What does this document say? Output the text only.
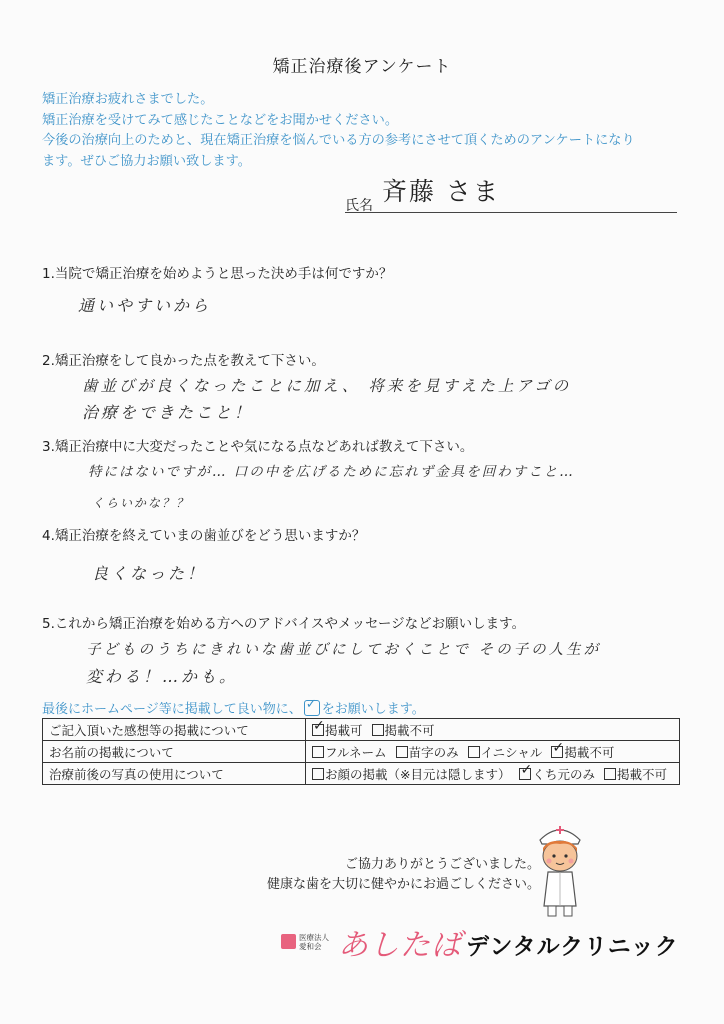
矯正治療後アンケート
矯正治療お疲れさまでした。
矯正治療を受けてみて感じたことなどをお聞かせください。
今後の治療向上のためと、現在矯正治療を悩んでいる方の参考にさせて頂くためのアンケートになり
ます。ぜひご協力お願い致します。
氏名 斉藤 さま
1.当院で矯正治療を始めようと思った決め手は何ですか？
通いやすいから
2.矯正治療をして良かった点を教えて下さい。
歯並びが良くなったことに加え、 将来を見すえた上アゴの
治療をできたこと！
3.矯正治療中に大変だったことや気になる点などあれば教えて下さい。
特にはないですが… 口の中を広げるために忘れず金具を回わすこと…
くらいかな？？
4.矯正治療を終えていまの歯並びをどう思いますか？
良くなった！
5.これから矯正治療を始める方へのアドバイスやメッセージなどお願いします。
子どものうちにきれいな歯並びにしておくことで その子の人生が
変わる！…かも。
最後にホームページ等に掲載して良い物に、 ✓ をお願いします。
ご記入頂いた感想等の掲載について	✓掲載可 掲載不可
お名前の掲載について	フルネーム 苗字のみ イニシャル ✓ 掲載不可
治療前後の写真の使用について	お顔の掲載（※目元は隠します） ✓ くち元のみ 掲載不可
ご協力ありがとうございました。
健康な歯を大切に健やかにお過ごしください。
医療法人
愛和会 あしたば デンタルクリニック
